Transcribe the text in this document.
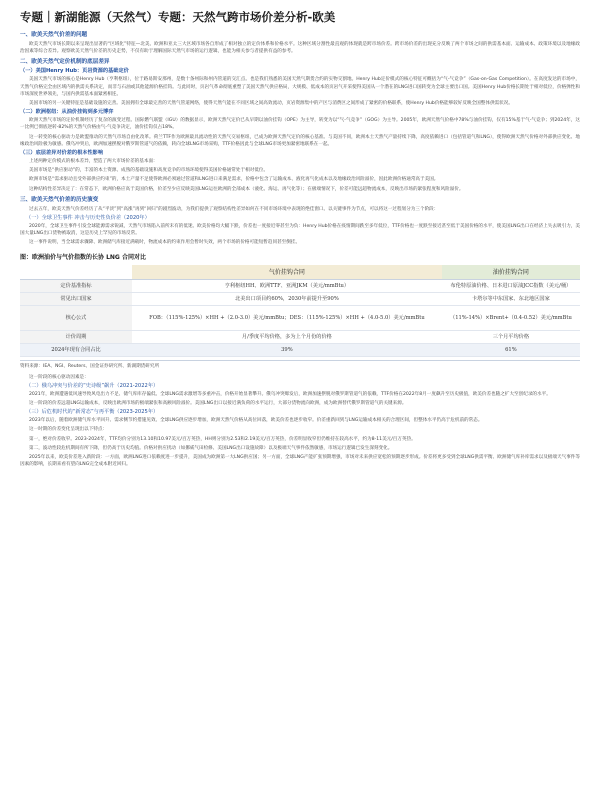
专题｜新湖能源（天然气）专题：天然气跨市场价差分析-欧美
一、欧美天然气价差的问题

欧美天然气市场长期以来呈现出显著的“区域化”特征—北美、欧洲和亚太三大区域市场各自形成了相对独立的定价体系和价格水平。这种区域分割性最直观的体现就是跨市场价差。跨市场价差的出现充分反映了两个市场之间的供需基本面、运输成本、政策环境以及地缘政治因素等综合差异。观察欧美天然气价差的历史走势，不仅有助于理解国际天然气市场的运行逻辑，也能为相关参与者提供有益的参考。

二、欧美天然气定价机制的底层差异
（一）美国Henry Hub：页岩资源的基础定价

美国天然气市场的核心是Henry Hub（亨利枢纽），位于路易斯安那州，是数十条州际和州内管道的交汇点。也是我们熟悉的美国天然气期货合约的实物交割地。Henry Hub定价模式的核心特征可概括为“气-气竞争”（Gas-on-Gas Competition）。在高度发达的市场中，天然气价格完全由区域内的供需关系决定，而非与石油或其他能源价格挂钩。与此同时，页岩气革命彻底重塑了美国天然气供应格局，大规模、低成本的页岩气开采使得美国从一个潜在的LNG进口国转变为全球主要出口国。美国Henry Hub价格长期处于相对低位，价格弹性和市场深度世界领先，与国内供需基本面紧密相连。

美国市场的另一关键特征是基础设施的完善。美国拥有全球最完善的天然气管道网络，使得天然气能在不同区域之间高效流动，页岩资源集中的产区与消费区之间形成了紧密的价格联系，使Henry Hub价格能够较好反映全国整体供需状况。

（二）欧洲枢纽：从油价挂钩到多元博弈

欧洲天然气市场的定价机制经历了复杂的演变过程。国际燃气联盟（IGU）的数据显示，欧洲天然气定价已从早期以油价挂钩（OPE）为主导，转变为以“气-气竞争”（GOG）为主导。2005年，欧洲天然气价格中78%与油价挂钩，仅有15%基于气-气竞争；到2024年，这一比例已彻底逆转-82%的天然气价格由气-气竞争决定，油价挂钩仅占18%。

这一转变的核心驱动力是欧盟推动的天然气市场自由化改革。荷兰TTF作为欧洲最具流动性的天然气交易枢纽，已成为欧洲天然气定价的核心基准。与美国不同，欧洲本土天然气产量持续下降，高度依赖进口（包括管道气和LNG），使得欧洲天然气价格对外部供应变化、地缘政治风险极为敏感。俄乌冲突后，欧洲加速摆脱对俄罗斯管道气的依赖，转向全球LNG市场采购，TTF价格因此与全球LNG市场更加紧密地联系在一起。

（三）底层差异对价差的根本性影响

上述两种定价模式的根本差异，塑造了两大市场价差的基本面：

美国市场是“供应驱动”的，丰富的本土资源、成熟的基础设施和高度竞争的市场环境使得美国价格通常处于相对低位。

欧洲市场是“需求驱动且受外部供应约束”的，本土产量不足使得欧洲必须通过管道和LNG进口来满足需求，价格中包含了运输成本、液化再气化成本以及地缘政治风险溢价，因此欧洲价格通常高于美国。

这种结构性差异决定了：在常态下，欧洲价格应高于美国价格，价差至少应反映美国LNG运往欧洲的全部成本（液化、海运、再气化等）；在极端情况下，价差可能远超物流成本，反映出市场的紧张程度和风险溢价。

三、欧美天然气价差的历史演变

过去五年，欧美天然气价差经历了从“平淡”到“高涨”再到“回归”的剧烈波动，为我们提供了观察结构性差异如何在不同市场环境中表现的绝佳窗口。以关键事件为节点，可以将这一过程划分为三个阶段：

（一）全球卫生事件 冲击与历史性负价差（2020年）

2020年，全球卫生事件引发全球能源需求锐减，天然气市场陷入前所未有的低迷。欧美价格均大幅下跌，价差也一度接近零甚至为负：Henry Hub价格在疫情期间跌至多年低位，TTF价格也一度跌至接近甚至低于美国价格的水平，使美国LNG出口在经济上失去吸引力，美国大量LNG出口货物被取消，这是历史上罕见的市场反常。

这一事件说明，当全球需求骤降、欧洲储气库接近满载时，物流成本的约束作用会暂时失效，两个市场的价格可能短暂趋同甚至倒挂。

图：欧洲油价与气价指数的长协 LNG 合同对比
	气价挂钩合同	油价挂钩合同
定价基准指标	亨利枢纽HH、欧洲TTF、亚洲JKM（美元/mmBtu）	布伦特原油价格、日本进口原油JCC指数（美元/桶）
常见出口国家	北美出口项目约60%，2030年前提升至90%	卡塔尔等中东国家、东北地区国家
核心公式	FOB：（115%-125%）×HH +（2.0-3.0）美元/mmBtu；DES：（115%-125%）×HH +（4.0-5.0）美元/mmBtu	（11%-14%）×Brent+（0.4-0.52）美元/mmBtu
计价周期	月/季度平均价格，多为上个月份的价格	三个月平均价格
2024年现有合同占比	39%	61%
资料来源：IEA、NGI、Reuters、国金证券研究所、新湖期货研究所

这一阶段的核心驱动因素是：

（二）俄乌冲突与价差的“史诗级”飙升（2021-2022年）

2021年，欧洲遭遇低风速导致风电出力不足、储气库库存偏低、全球LNG需求激增等多重冲击，价格开始显著攀升。俄乌冲突爆发后，欧洲加速摆脱对俄罗斯管道气的依赖，TTF价格在2022年8月一度飙升至历史极值，欧美价差也随之扩大至创纪录的水平。

这一阶段的价差远超LNG运输成本，反映出欧洲市场的极端紧张和高额风险溢价。美国LNG出口以接近满负荷的水平运行，大部分货物流向欧洲，成为欧洲替代俄罗斯管道气的关键来源。

（三）后危机时代的“新常态”与再平衡（2023-2025年）

2023年以后，随着欧洲储气库水平回升、需求侧节约措施见效、全球LNG供应逐步增加，欧洲天然气价格从高位回落，欧美价差也逐步收窄。价差重新回到与LNG运输成本相关的合理区间，但整体水平仍高于危机前的常态。

这一时期的价差变化呈现出以下特点：

第一，绝对价差收窄。2023-2024年，TTF均价分别为13.10和10.97美元/百万英热，HH则分别为2.53和2.19美元/百万英热，价差明显收窄但仍维持在较高水平，约为8-11美元/百万英热。

第二，波动性较危机期间有所下降，但仍高于历史均值。价格对供应扰动（如挪威气田检修、美国LNG出口设施故障）以及极端天气事件依然敏感，市场运行逻辑已发生深刻变化。

2025年以来，欧美价差进入新阶段：一方面，欧洲LNG进口依赖度进一步提升，美国成为欧洲第一大LNG供应国；另一方面，全球LNG产能扩张预期增强，市场对未来供应宽松的预期逐步形成。价差将更多受到全球LNG供需平衡、欧洲储气库补库需求以及极端天气事件等因素的影响，长期来看有望向LNG完全成本附近回归。
